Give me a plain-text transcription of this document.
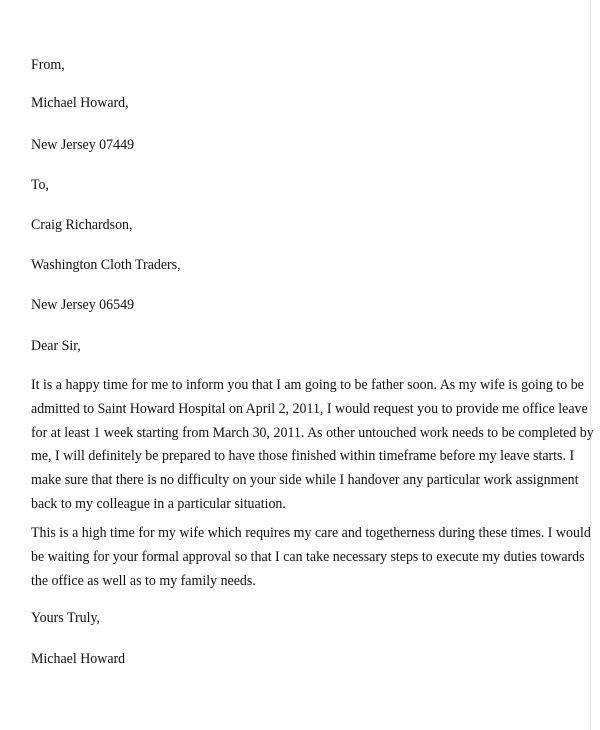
From,

Michael Howard,

New Jersey 07449

To,

Craig Richardson,

Washington Cloth Traders,

New Jersey 06549

Dear Sir,

It is a happy time for me to inform you that I am going to be father soon. As my wife is going to be
admitted to Saint Howard Hospital on April 2, 2011, I would request you to provide me office leave
for at least 1 week starting from March 30, 2011. As other untouched work needs to be completed by
me, I will definitely be prepared to have those finished within timeframe before my leave starts. I
make sure that there is no difficulty on your side while I handover any particular work assignment
back to my colleague in a particular situation.
This is a high time for my wife which requires my care and togetherness during these times. I would
be waiting for your formal approval so that I can take necessary steps to execute my duties towards
the office as well as to my family needs.

Yours Truly,

Michael Howard
